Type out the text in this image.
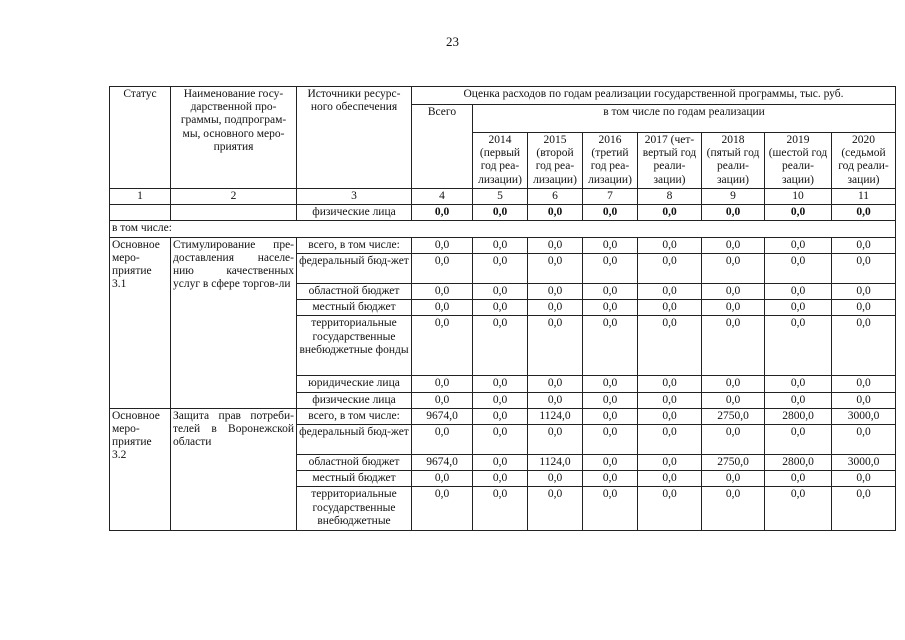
23
Статус	Наименование госу-дарственной про-граммы, подпрограм-мы, основного меро-приятия	Источники ресурс-ного обеспечения	Оценка расходов по годам реализации государственной программы, тыс. руб.							
			Всего	в том числе по годам реализации						
				2014 (первый год реа-лизации)	2015 (второй год реа-лизации)	2016 (третий год реа-лизации)	2017 (чет-вертый год реали-зации)	2018 (пятый год реали-зации)	2019 (шестой год реали-зации)	2020 (седьмой год реали-зации)
1	2	3	4	5	6	7	8	9	10	11
		физические лица	0,0	0,0	0,0	0,0	0,0	0,0	0,0	0,0
в том числе:										
Основное меро-приятие 3.1	Стимулирование пре-доставления населе-нию качественных услуг в сфере торгов-ли	всего, в том числе:	0,0	0,0	0,0	0,0	0,0	0,0	0,0	0,0
		федеральный бюд-жет	0,0	0,0	0,0	0,0	0,0	0,0	0,0	0,0
		областной бюджет	0,0	0,0	0,0	0,0	0,0	0,0	0,0	0,0
		местный бюджет	0,0	0,0	0,0	0,0	0,0	0,0	0,0	0,0
		территориальные государственные внебюджетные фонды	0,0	0,0	0,0	0,0	0,0	0,0	0,0	0,0
		юридические лица	0,0	0,0	0,0	0,0	0,0	0,0	0,0	0,0
		физические лица	0,0	0,0	0,0	0,0	0,0	0,0	0,0	0,0
Основное меро-приятие 3.2	Защита прав потреби-телей в Воронежской области	всего, в том числе:	9674,0	0,0	1124,0	0,0	0,0	2750,0	2800,0	3000,0
		федеральный бюд-жет	0,0	0,0	0,0	0,0	0,0	0,0	0,0	0,0
		областной бюджет	9674,0	0,0	1124,0	0,0	0,0	2750,0	2800,0	3000,0
		местный бюджет	0,0	0,0	0,0	0,0	0,0	0,0	0,0	0,0
		территориальные государственные внебюджетные	0,0	0,0	0,0	0,0	0,0	0,0	0,0	0,0
